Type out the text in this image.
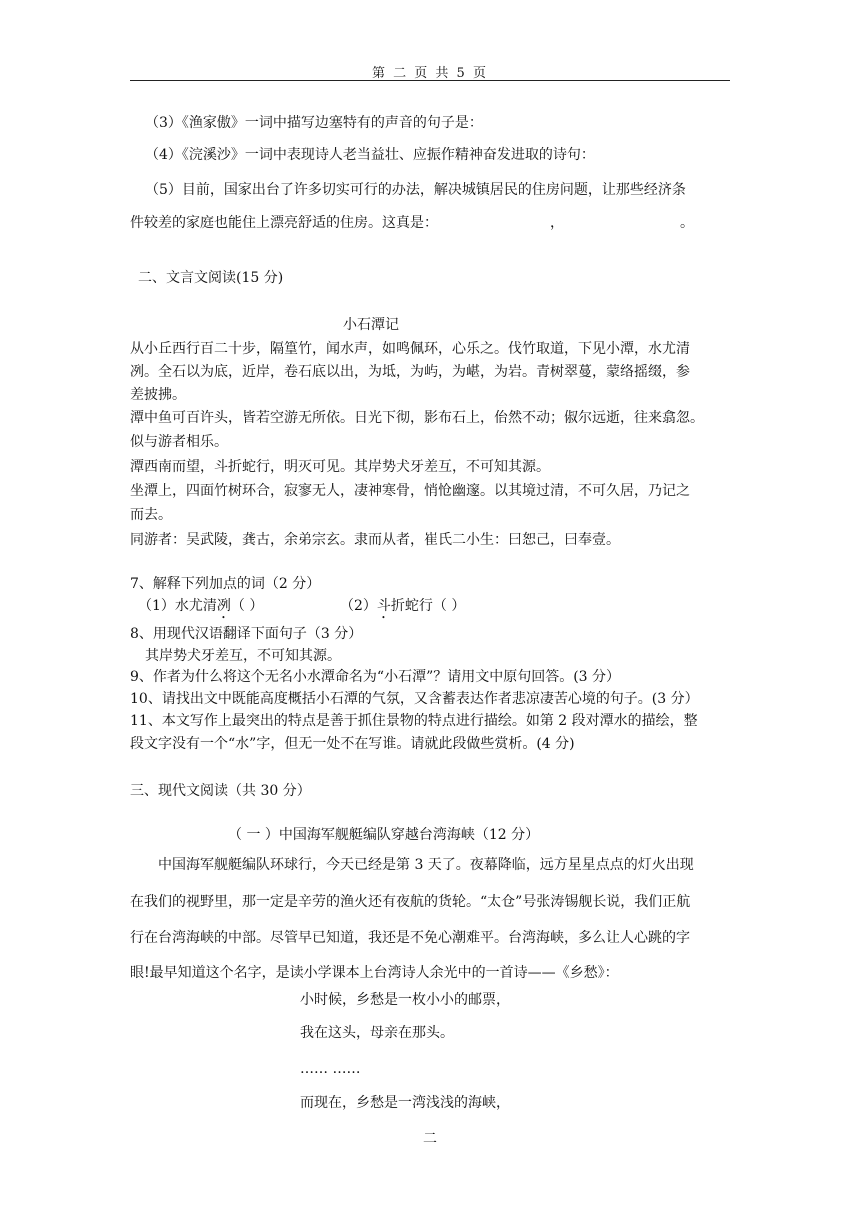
第 二 页 共 5 页
（3）《渔家傲》一词中描写边塞特有的声音的句子是：
（4）《浣溪沙》一词中表现诗人老当益壮、应振作精神奋发进取的诗句：
（5）目前，国家出台了许多切实可行的办法，解决城镇居民的住房问题，让那些经济条
件较差的家庭也能住上漂亮舒适的住房。这真是：	，	。
二、文言文阅读(15 分)
小石潭记
从小丘西行百二十步，隔篁竹，闻水声，如鸣佩环，心乐之。伐竹取道，下见小潭，水尤清
冽。全石以为底，近岸，卷石底以出，为坻，为屿，为嵁，为岩。青树翠蔓，蒙络摇缀，参
差披拂。
潭中鱼可百许头，皆若空游无所依。日光下彻，影布石上，佁然不动；俶尔远逝，往来翕忽。
似与游者相乐。
潭西南而望，斗折蛇行，明灭可见。其岸势犬牙差互，不可知其源。
坐潭上，四面竹树环合，寂寥无人，凄神寒骨，悄怆幽邃。以其境过清，不可久居，乃记之
而去。
同游者：吴武陵，龚古，余弟宗玄。隶而从者，崔氏二小生：曰恕己，曰奉壹。
7、解释下列加点的词（2 分）
（1）水尤清冽（ ）	（2）斗折蛇行（ ）
8、用现代汉语翻译下面句子（3 分）
其岸势犬牙差互，不可知其源。
9、作者为什么将这个无名小水潭命名为“小石潭”？请用文中原句回答。(3 分）
10、请找出文中既能高度概括小石潭的气氛，又含蓄表达作者悲凉凄苦心境的句子。(3 分）
11、本文写作上最突出的特点是善于抓住景物的特点进行描绘。如第 2 段对潭水的描绘，整
段文字没有一个“水”字，但无一处不在写谁。请就此段做些赏析。(4 分)
三、现代文阅读（共 30 分）
（ 一 ）中国海军舰艇编队穿越台湾海峡（12 分）
中国海军舰艇编队环球行，今天已经是第 3 天了。夜幕降临，远方星星点点的灯火出现
在我们的视野里，那一定是辛劳的渔火还有夜航的货轮。“太仓”号张涛锡舰长说，我们正航
行在台湾海峡的中部。尽管早已知道，我还是不免心潮难平。台湾海峡，多么让人心跳的字
眼!最早知道这个名字，是读小学课本上台湾诗人余光中的一首诗——《乡愁》：
小时候，乡愁是一枚小小的邮票，
我在这头，母亲在那头。
…… ……
而现在，乡愁是一湾浅浅的海峡，
二
